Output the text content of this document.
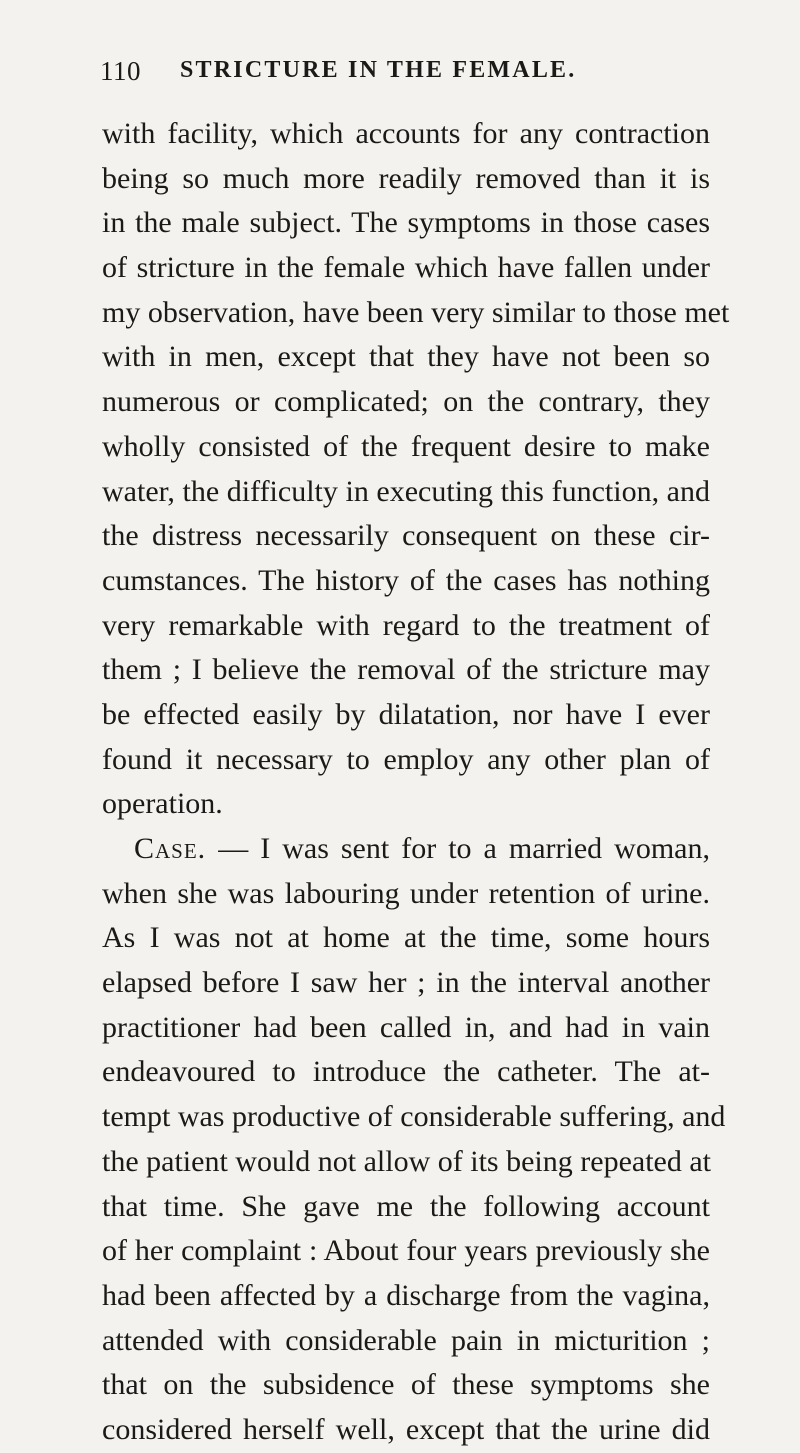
110 STRICTURE IN THE FEMALE.
with facility, which accounts for any contraction
being so much more readily removed than it is
in the male subject. The symptoms in those cases
of stricture in the female which have fallen under
my observation, have been very similar to those met
with in men, except that they have not been so
numerous or complicated; on the contrary, they
wholly consisted of the frequent desire to make
water, the difficulty in executing this function, and
the distress necessarily consequent on these cir-
cumstances. The history of the cases has nothing
very remarkable with regard to the treatment of
them ; I believe the removal of the stricture may
be effected easily by dilatation, nor have I ever
found it necessary to employ any other plan of
operation.
Case. — I was sent for to a married woman,
when she was labouring under retention of urine.
As I was not at home at the time, some hours
elapsed before I saw her ; in the interval another
practitioner had been called in, and had in vain
endeavoured to introduce the catheter. The at-
tempt was productive of considerable suffering, and
the patient would not allow of its being repeated at
that time. She gave me the following account
of her complaint : About four years previously she
had been affected by a discharge from the vagina,
attended with considerable pain in micturition ;
that on the subsidence of these symptoms she
considered herself well, except that the urine did
